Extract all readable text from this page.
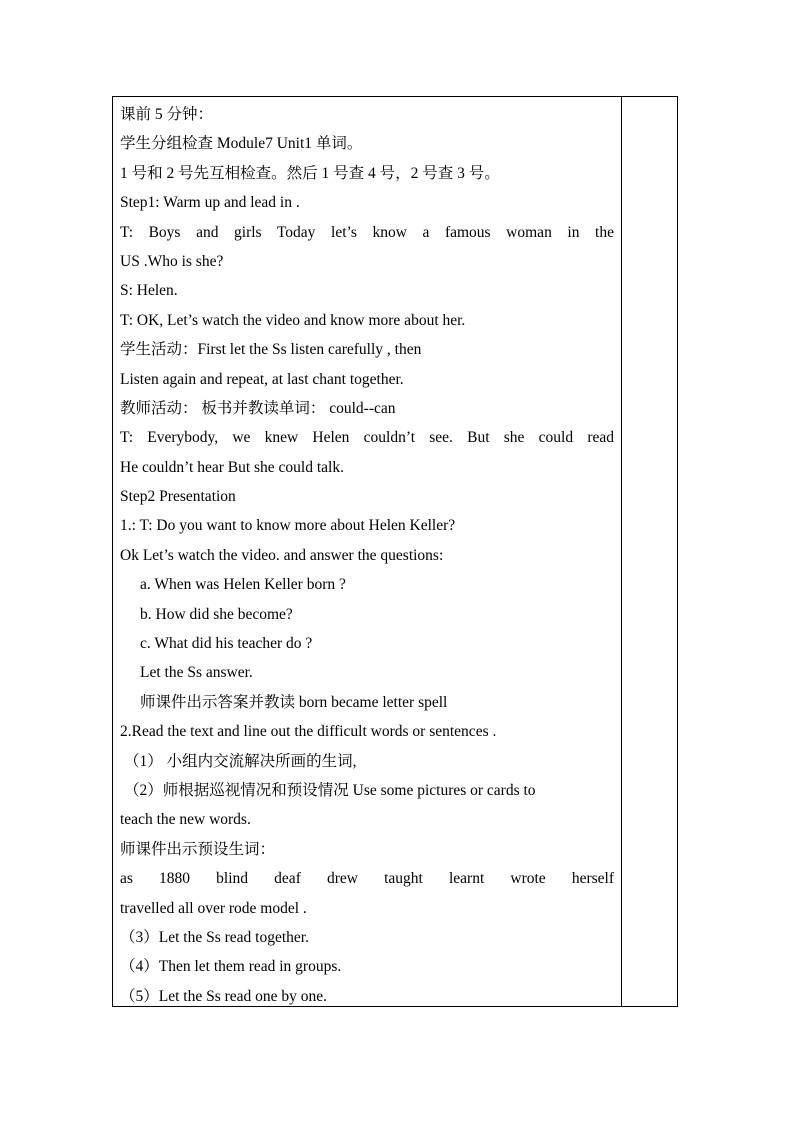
课前 5 分钟：
学生分组检查 Module7 Unit1 单词。
1 号和 2 号先互相检查。然后 1 号查 4 号，2 号查 3 号。
Step1: Warm up and lead in .
T: Boys and girls Today let’s know a famous woman in the
US .Who is she?
S: Helen.
T: OK, Let’s watch the video and know more about her.
学生活动：First let the Ss listen carefully , then
Listen again and repeat, at last chant together.
教师活动： 板书并教读单词： could--can
T: Everybody, we knew Helen couldn’t see. But she could read
He couldn’t hear But she could talk.
Step2 Presentation
1.: T: Do you want to know more about Helen Keller?
Ok Let’s watch the video. and answer the questions:
a. When was Helen Keller born ?
b. How did she become?
c. What did his teacher do ?
Let the Ss answer.
师课件出示答案并教读 born became letter spell
2.Read the text and line out the difficult words or sentences .
（1） 小组内交流解决所画的生词,
（2）师根据巡视情况和预设情况 Use some pictures or cards to
teach the new words.
师课件出示预设生词：
as 1880 blind deaf drew taught learnt wrote herself
travelled all over rode model .
（3）Let the Ss read together.
（4）Then let them read in groups.
（5）Let the Ss read one by one.
